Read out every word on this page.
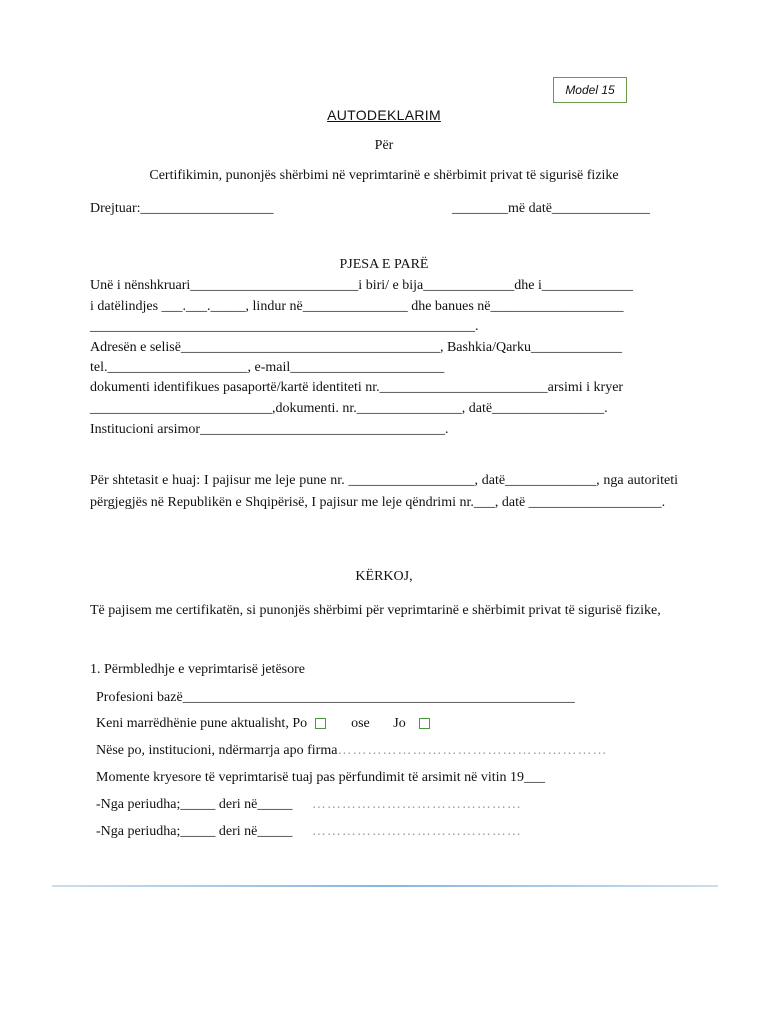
Model 15
AUTODEKLARIM
Për
Certifikimin, punonjës shërbimi në veprimtarinë e shërbimit privat të sigurisë fizike
Drejtuar:___________________	________më datë______________
PJESA E PARË
Unë i nënshkruari________________________i biri/ e bija_____________dhe i_____________
i datëlindjes ___.___._____, lindur në_______________ dhe banues në___________________
_______________________________________________________.
Adresën e selisë_____________________________________, Bashkia/Qarku_____________
tel.____________________, e-mail______________________
dokumenti identifikues pasaportë/kartë identiteti nr.________________________arsimi i kryer
__________________________,dokumenti. nr._______________, datë________________.
Institucioni arsimor___________________________________.
Për shtetasit e huaj: I pajisur me leje pune nr. __________________, datë_____________, nga autoriteti përgjegjës në Republikën e Shqipërisë, I pajisur me leje qëndrimi nr.___, datë ___________________.
KËRKOJ,
Të pajisem me certifikatën, si punonjës shërbimi për veprimtarinë e shërbimit privat të sigurisë fizike,
1. Përmbledhje e veprimtarisë jetësore
Profesioni bazë________________________________________________________
Keni marrëdhënie pune aktualisht, Po	ose Jo
Nëse po, institucioni, ndërmarrja apo firma………………………………………………
Momente kryesore të veprimtarisë tuaj pas përfundimit të arsimit në vitin 19___
-Nga periudha;_____ deri në_____ ……………………………………
-Nga periudha;_____ deri në_____ ……………………………………
